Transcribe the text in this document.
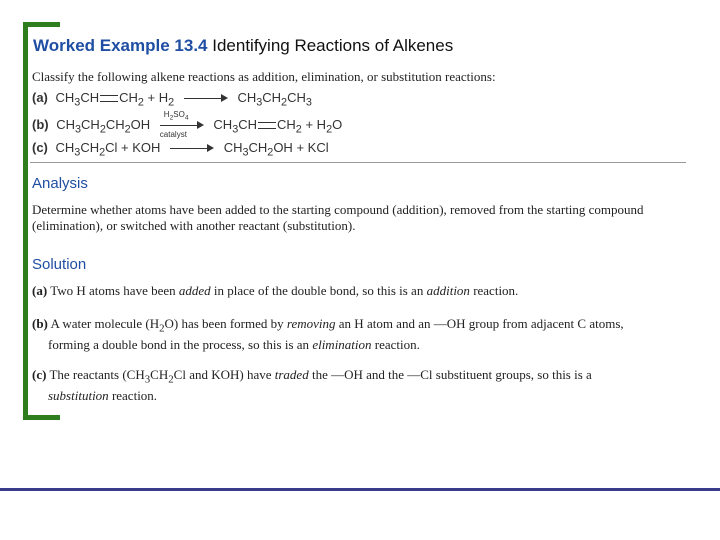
Worked Example 13.4 Identifying Reactions of Alkenes
Classify the following alkene reactions as addition, elimination, or substitution reactions:
(a) $CH_3CH$ $CH_2 + H_2$	$CH_3CH_2CH_3$
(b) $CH_3CH_2CH_2OH$
$H_2SO_4$
catalyst
$CH_3CH$ $CH_2 + H_2O$
(c) $CH_3CH_2Cl$ + KOH	$CH_3CH_2OH$ + KCl
Analysis
Determine whether atoms have been added to the starting compound (addition), removed from the starting compound (elimination), or switched with another reactant (substitution).
Solution
(a) Two H atoms have been added in place of the double bond, so this is an addition reaction.
(b) A water molecule $(H_2O)$ has been formed by removing an H atom and an —OH group from adjacent C atoms,
forming a double bond in the process, so this is an elimination reaction.
(c) The reactants ($CH_3CH_2Cl$ and KOH) have traded the —OH and the —Cl substituent groups, so this is a
substitution reaction.
